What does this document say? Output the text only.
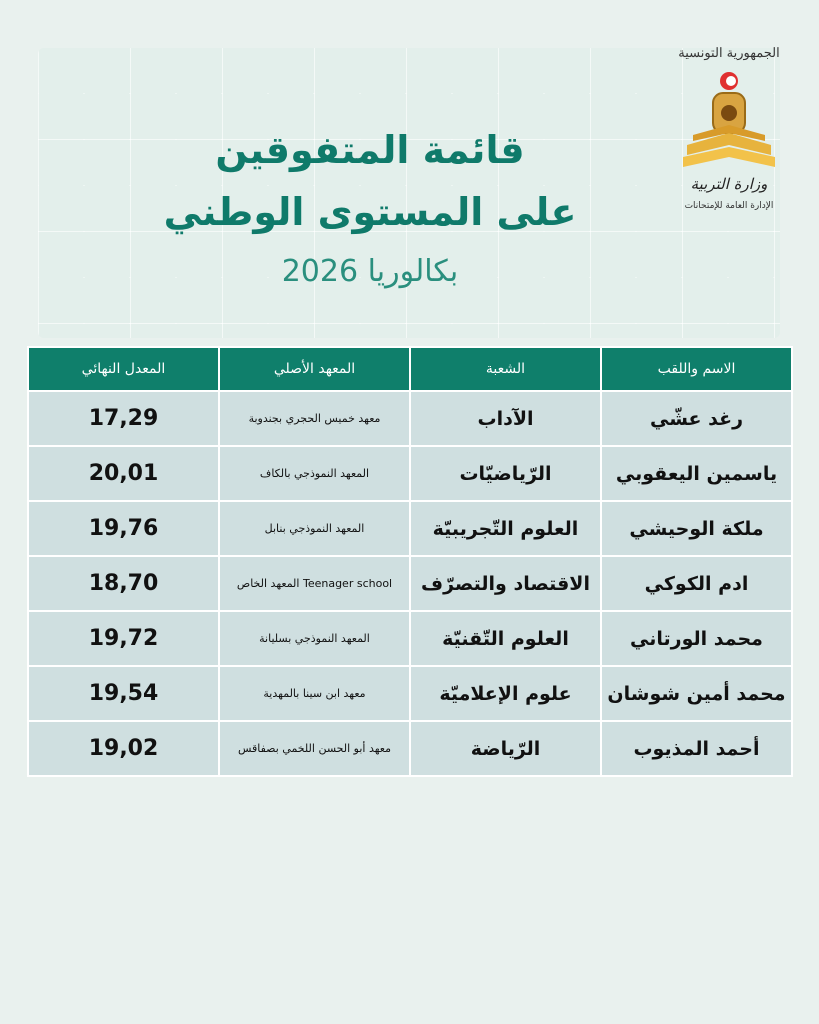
الجمهورية التونسية
وزارة التربية
الإدارة العامة للإمتحانات
قائمة المتفوقين
على المستوى الوطني
بكالوريا 2026
الاسم واللقب	الشعبة	المعهد الأصلي	المعدل النهائي
رغد عشّي	الآداب	معهد خميس الحجري بجندوبة	17,29
ياسمين اليعقوبي	الرّياضيّات	المعهد النموذجي بالكاف	20,01
ملكة الوحيشي	العلوم التّجريبيّة	المعهد النموذجي بنابل	19,76
ادم الكوكي	الاقتصاد والتصرّف	Teenager school المعهد الخاص	18,70
محمد الورتاني	العلوم التّقنيّة	المعهد النموذجي بسليانة	19,72
محمد أمين شوشان	علوم الإعلاميّة	معهد ابن سينا بالمهدية	19,54
أحمد المذيوب	الرّياضة	معهد أبو الحسن اللخمي بصفاقس	19,02
